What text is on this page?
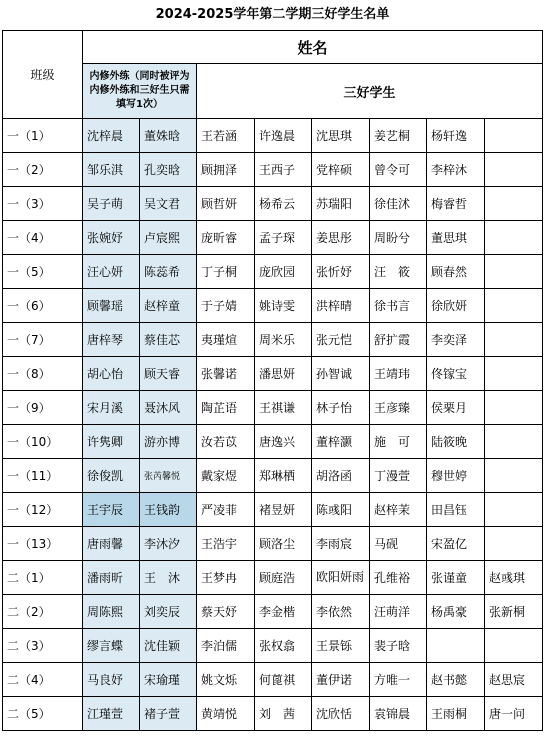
2024-2025学年第二学期三好学生名单
班级	姓名							
	内修外练（同时被评为内修外练和三好生只需填写1次）		三好学生					
一（1）	沈梓晨	董姝晗	王若涵	许逸晨	沈思琪	姜艺桐	杨轩逸	
一（2）	邹乐淇	孔奕晗	顾拥泽	王西子	党梓硕	曾令可	李梓沐	
一（3）	吴子萌	吴文君	顾哲妍	杨希云	苏瑞阳	徐佳沭	梅睿哲	
一（4）	张婉妤	卢宸熙	庞昕睿	孟子琛	姜思彤	周盼兮	董思琪	
一（5）	汪心妍	陈蕊希	丁子桐	庞欣园	张忻妤	汪　筱	顾春然	
一（6）	顾馨瑶	赵梓童	于子婧	姚诗雯	洪梓晴	徐书言	徐欣妍	
一（7）	唐梓琴	蔡佳芯	夷瑾煊	周米乐	张元恺	舒扩霞	李奕泽	
一（8）	胡心怡	顾天睿	张馨诺	潘思妍	孙智诚	王靖玮	佟镓宝	
一（9）	宋月溪	聂沐风	陶芷语	王祺谦	林子怡	王彦臻	侯栗月	
一（10）	许隽卿	游亦博	汝若苡	唐逸兴	董梓灏	施　可	陆筱晚	
一（11）	徐俊凯	张芮馨悦	戴家煜	郑琳栖	胡洛函	丁漫萱	穆世婷	
一（12）	王宇辰	王钱韵	严凌菲	褚昱妍	陈彧阳	赵梓茉	田昌钰	
一（13）	唐雨馨	李沐汐	王浩宇	顾洛尘	李雨宸	马砚	宋盈亿	
二（1）	潘雨昕	王　沐	王梦冉	顾庭浩	欧阳妍雨	孔维裕	张谨童	赵彧琪
二（2）	周陈熙	刘奕辰	蔡天妤	李金楷	李依然	汪萌洋	杨禹豪	张新桐
二（3）	缪言蝶	沈佳颖	李泊儒	张权翕	王景铄	裴子晗		
二（4）	马良妤	宋瑜瑾	姚文烁	何蓖祺	董伊诺	方唯一	赵书懿	赵思宸
二（5）	江瑾萱	褚子萱	黄靖悦	刘　茜	沈欣恬	袁锦晨	王雨桐	唐一问
